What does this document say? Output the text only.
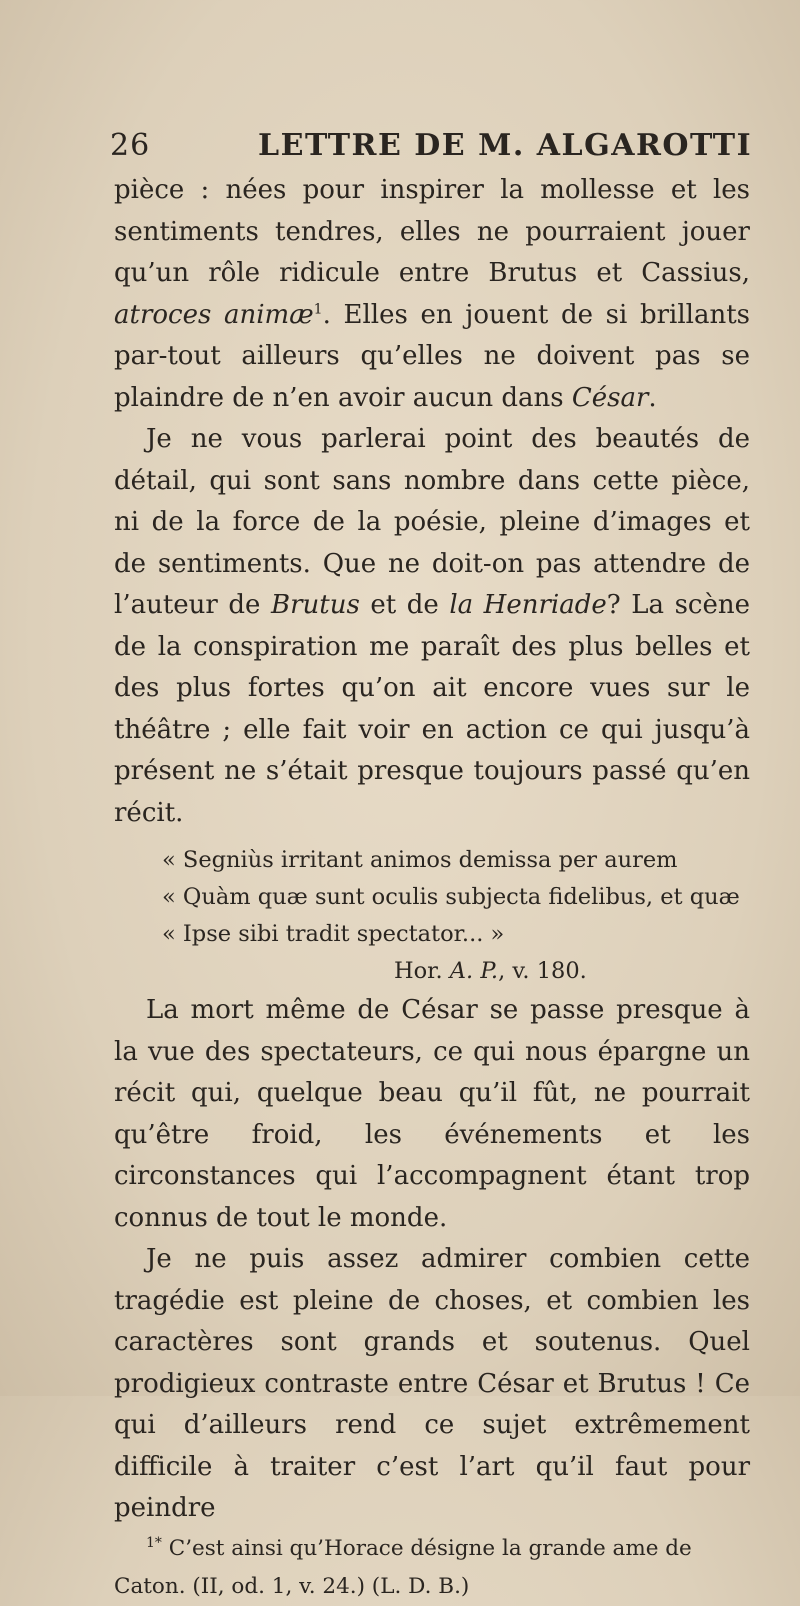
26	LETTRE DE M. ALGAROTTI

pièce : nées pour inspirer la mollesse et les sentiments tendres, elles ne pourraient jouer qu’un rôle ridicule entre Brutus et Cassius, atroces animæ$^1$. Elles en jouent de si brillants par-tout ailleurs qu’elles ne doivent pas se plaindre de n’en avoir aucun dans César.

Je ne vous parlerai point des beautés de détail, qui sont sans nombre dans cette pièce, ni de la force de la poésie, pleine d’images et de sentiments. Que ne doit-on pas attendre de l’auteur de Brutus et de la Henriade? La scène de la conspiration me paraît des plus belles et des plus fortes qu’on ait encore vues sur le théâtre ; elle fait voir en action ce qui jusqu’à présent ne s’était presque toujours passé qu’en récit.

« Segniùs irritant animos demissa per aurem
« Quàm quæ sunt oculis subjecta fidelibus, et quæ
« Ipse sibi tradit spectator... »
Hor. A. P., v. 180.

La mort même de César se passe presque à la vue des spectateurs, ce qui nous épargne un récit qui, quelque beau qu’il fût, ne pourrait qu’être froid, les événements et les circonstances qui l’accompagnent étant trop connus de tout le monde.

Je ne puis assez admirer combien cette tragédie est pleine de choses, et combien les caractères sont grands et soutenus. Quel prodigieux contraste entre César et Brutus ! Ce qui d’ailleurs rend ce sujet extrêmement difficile à traiter c’est l’art qu’il faut pour peindre

$^{1*}$ C’est ainsi qu’Horace désigne la grande ame de Caton. (II, od. 1, v. 24.) (L. D. B.)
